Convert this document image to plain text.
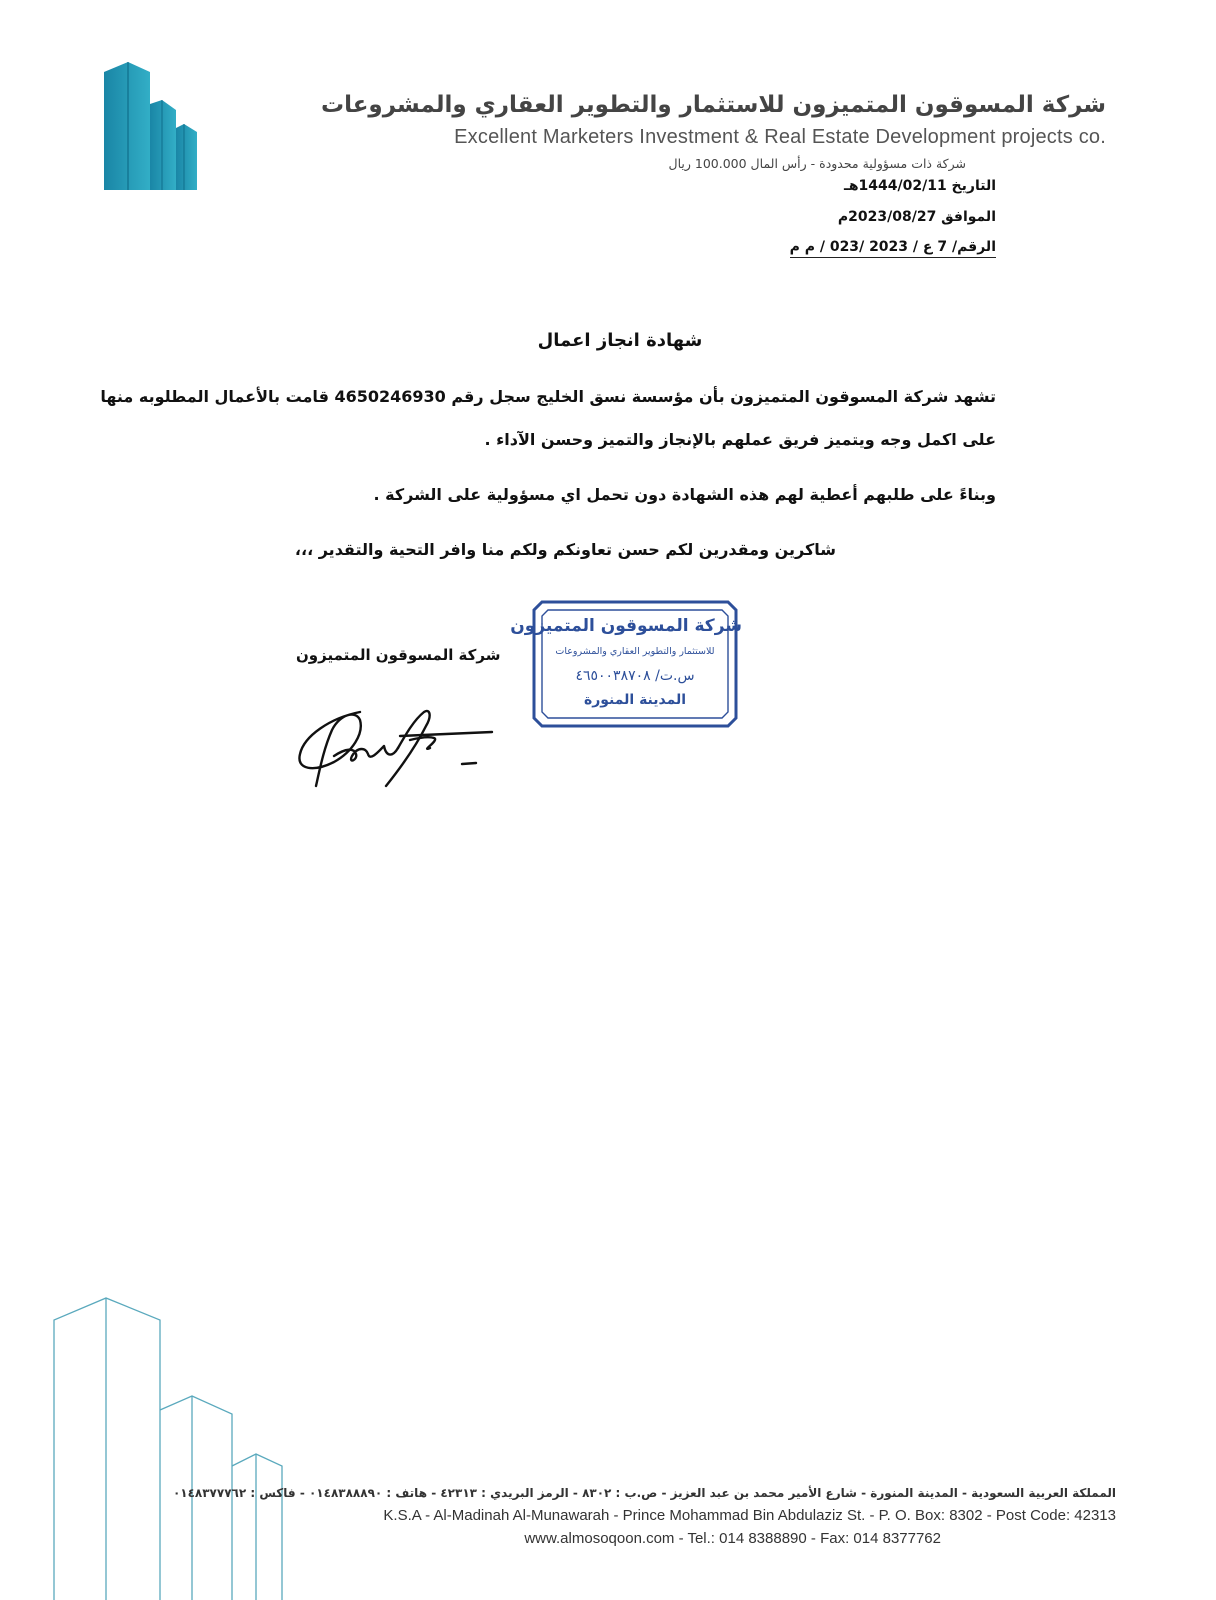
شركة المسوقون المتميزون للاستثمار والتطوير العقاري والمشروعات
Excellent Marketers Investment & Real Estate Development projects co.
شركة ذات مسؤولية محدودة - رأس المال 100.000 ريال
التاريخ 1444/02/11هـ
الموافق 2023/08/27م
الرقم/ 7 ع / 2023 /023 / م م
شهادة انجاز اعمال
تشهد شركة المسوقون المتميزون بأن مؤسسة نسق الخليج سجل رقم 4650246930 قامت بالأعمال المطلوبه منها
على اكمل وجه ويتميز فريق عملهم بالإنجاز والتميز وحسن الآداء .
وبناءً على طلبهم أعطية لهم هذه الشهادة دون تحمل اي مسؤولية على الشركة .
شاكرين ومقدرين لكم حسن تعاونكم ولكم منا وافر التحية والتقدير ،،،
شركة المسوقون المتميزون
شركة المسوقون المتميزون
للاستثمار والتطوير العقاري والمشروعات
س.ت/ ٤٦٥٠٠٣٨٧٠٨
المدينة المنورة
المملكة العربية السعودية - المدينة المنورة - شارع الأمير محمد بن عبد العزيز - ص.ب : ٨٣٠٢ - الرمز البريدي : ٤٢٣١٣ - هاتف : ٠١٤٨٣٨٨٨٩٠ - فاكس : ٠١٤٨٣٧٧٧٦٢
K.S.A - Al-Madinah Al-Munawarah - Prince Mohammad Bin Abdulaziz St. - P. O. Box: 8302 - Post Code: 42313
www.almosoqoon.com - Tel.: 014 8388890 - Fax: 014 8377762
